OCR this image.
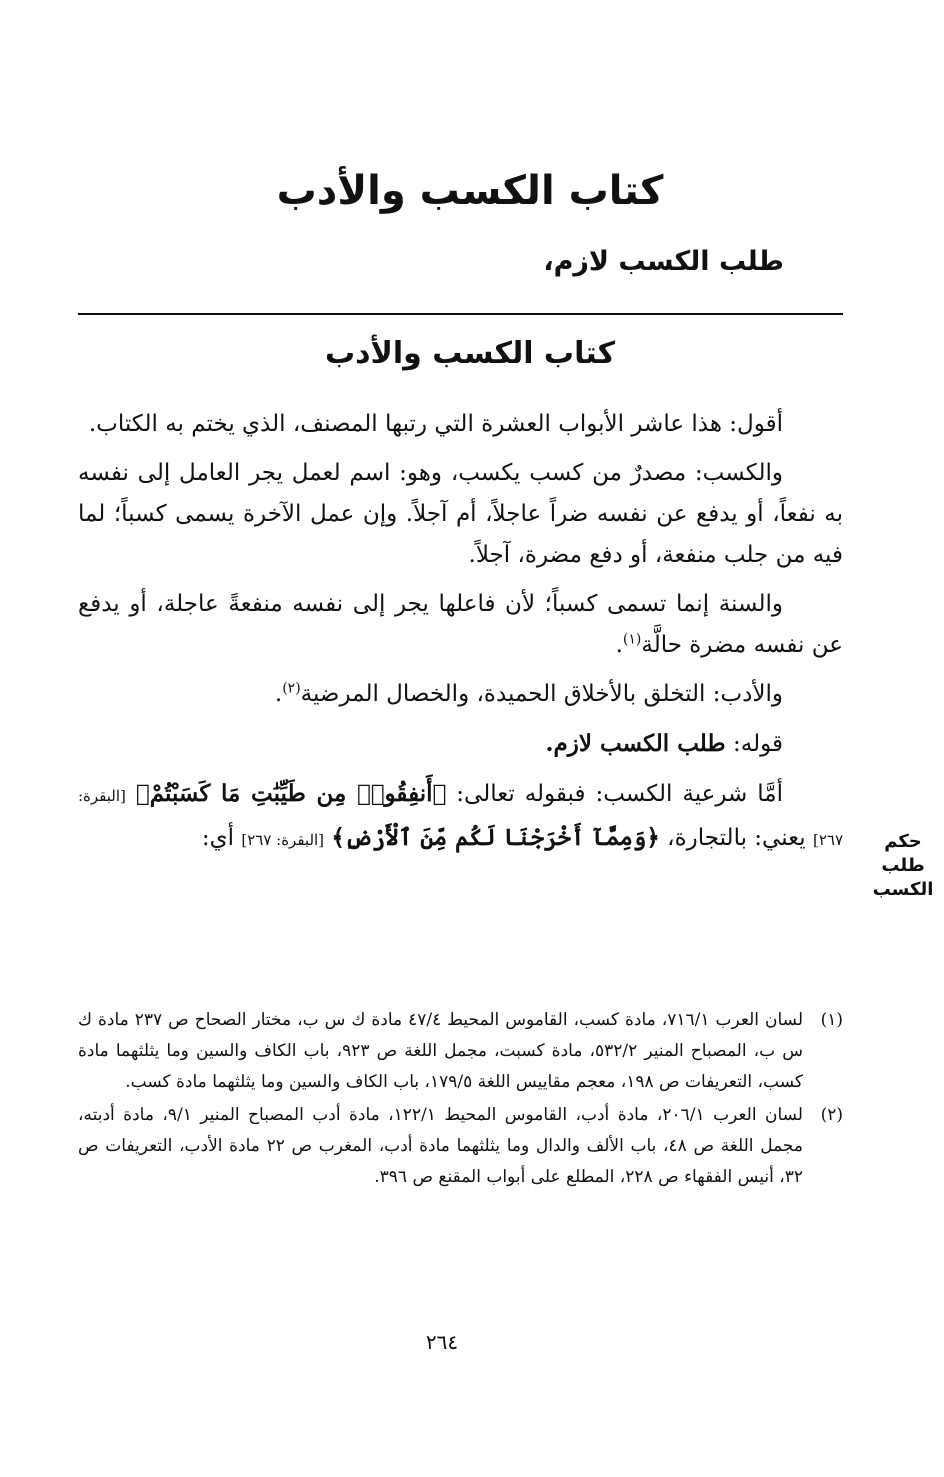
كتاب الكسب والأدب
طلب الكسب لازم،
كتاب الكسب والأدب

أقول: هذا عاشر الأبواب العشرة التي رتبها المصنف، الذي يختم به الكتاب.

والكسب: مصدرٌ من كسب يكسب، وهو: اسم لعمل يجر العامل إلى نفسه به نفعاً، أو يدفع عن نفسه ضراً عاجلاً، أم آجلاً. وإن عمل الآخرة يسمى كسباً؛ لما فيه من جلب منفعة، أو دفع مضرة، آجلاً.

والسنة إنما تسمى كسباً؛ لأن فاعلها يجر إلى نفسه منفعةً عاجلة، أو يدفع عن نفسه مضرة حالَّة$^{(١)}$.

والأدب: التخلق بالأخلاق الحميدة، والخصال المرضية$^{(٢)}$.

قوله: طلب الكسب لازم.

أمَّا شرعية الكسب: فبقوله تعالى: ﴿أَنفِقُوا۟ مِن طَيِّبَٰتِ مَا كَسَبْتُمْ﴾ [البقرة: ٢٦٧] يعني: بالتجارة، ﴿وَمِمَّآ أَخْرَجْنَا لَكُم مِّنَ ٱلْأَرْضِ﴾ [البقرة: ٢٦٧] أي:	حكم
طلب
الكسب
(١)
لسان العرب ٧١٦/١، مادة كسب، القاموس المحيط ٤٧/٤ مادة ك س ب، مختار الصحاح ص ٢٣٧ مادة ك س ب، المصباح المنير ٥٣٢/٢، مادة كسبت، مجمل اللغة ص ٩٢٣، باب الكاف والسين وما يثلثهما مادة كسب، التعريفات ص ١٩٨، معجم مقاييس اللغة ١٧٩/٥، باب الكاف والسين وما يثلثهما مادة كسب.
(٢)
لسان العرب ٢٠٦/١، مادة أدب، القاموس المحيط ١٢٢/١، مادة أدب المصباح المنير ٩/١، مادة أدبته، مجمل اللغة ص ٤٨، باب الألف والدال وما يثلثهما مادة أدب، المغرب ص ٢٢ مادة الأدب، التعريفات ص ٣٢، أنيس الفقهاء ص ٢٢٨، المطلع على أبواب المقنع ص ٣٩٦.
٢٦٤
